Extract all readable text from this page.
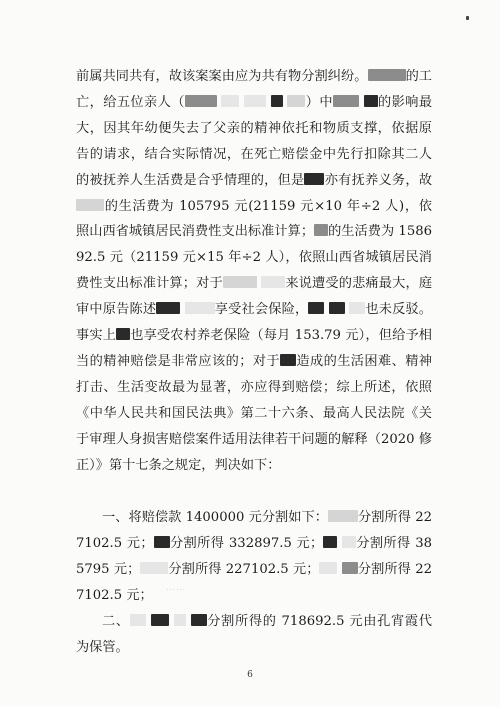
前属共同共有，故该案案由应为共有物分割纠纷。	的工亡，给五位亲人（	）中	的影响最大，因其年幼便失去了父亲的精神依托和物质支撑，依据原告的请求，结合实际情况，在死亡赔偿金中先行扣除其二人的被抚养人生活费是合乎情理的，但是 亦有抚养义务，故的生活费为 105795 元(21159 元×10 年÷2 人)，依照山西省城镇居民消费性支出标准计算； 的生活费为 158692.5 元（21159 元×15 年÷2 人），依照山西省城镇居民消费性支出标准计算；对于	来说遭受的悲痛最大，庭审中原告陈述	享受社会保险，	也未反驳。事实上 也享受农村养老保险（每月 153.79 元），但给予相当的精神赔偿是非常应该的；对于 造成的生活困难、精神打击、生活变故最为显著，亦应得到赔偿；综上所述，依照《中华人民共和国民法典》第二十六条、最高人民法院《关于审理人身损害赔偿案件适用法律若干问题的解释（2020 修正）》第十七条之规定，判决如下：

一、将赔偿款 1400000 元分割如下： 分割所得 227102.5 元； 分割所得 332897.5 元； 分割所得 385795 元； 分割所得 227102.5 元；	分割所得 227102.5 元；	……

二、	分割所得的 718692.5 元由孔宵霞代为保管。

6
